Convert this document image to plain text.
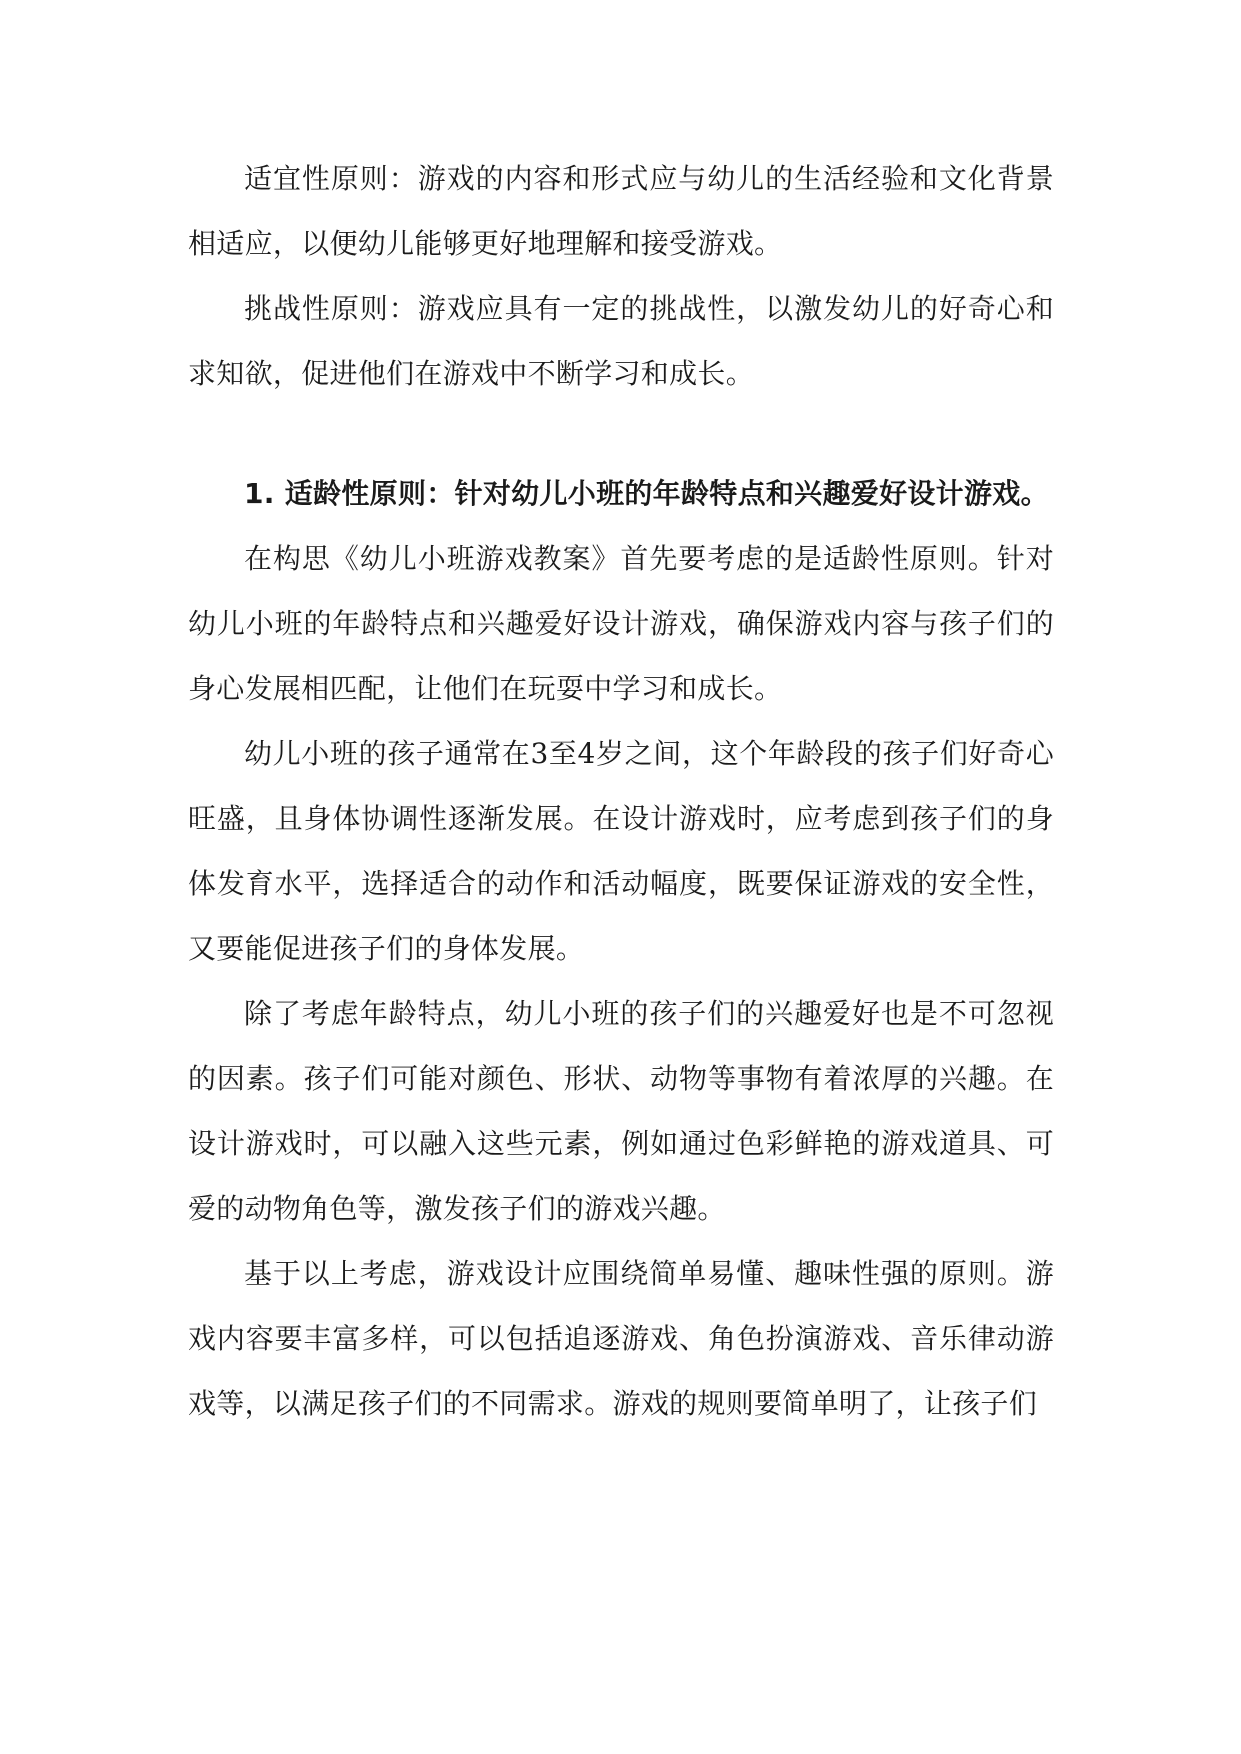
适宜性原则：游戏的内容和形式应与幼儿的生活经验和文化背景相适应，以便幼儿能够更好地理解和接受游戏。

挑战性原则：游戏应具有一定的挑战性，以激发幼儿的好奇心和求知欲，促进他们在游戏中不断学习和成长。

1. 适龄性原则：针对幼儿小班的年龄特点和兴趣爱好设计游戏。

在构思《幼儿小班游戏教案》首先要考虑的是适龄性原则。针对幼儿小班的年龄特点和兴趣爱好设计游戏，确保游戏内容与孩子们的身心发展相匹配，让他们在玩耍中学习和成长。

幼儿小班的孩子通常在3至4岁之间，这个年龄段的孩子们好奇心旺盛，且身体协调性逐渐发展。在设计游戏时，应考虑到孩子们的身体发育水平，选择适合的动作和活动幅度，既要保证游戏的安全性，又要能促进孩子们的身体发展。

除了考虑年龄特点，幼儿小班的孩子们的兴趣爱好也是不可忽视的因素。孩子们可能对颜色、形状、动物等事物有着浓厚的兴趣。在设计游戏时，可以融入这些元素，例如通过色彩鲜艳的游戏道具、可爱的动物角色等，激发孩子们的游戏兴趣。

基于以上考虑，游戏设计应围绕简单易懂、趣味性强的原则。游戏内容要丰富多样，可以包括追逐游戏、角色扮演游戏、音乐律动游戏等，以满足孩子们的不同需求。游戏的规则要简单明了，让孩子们
